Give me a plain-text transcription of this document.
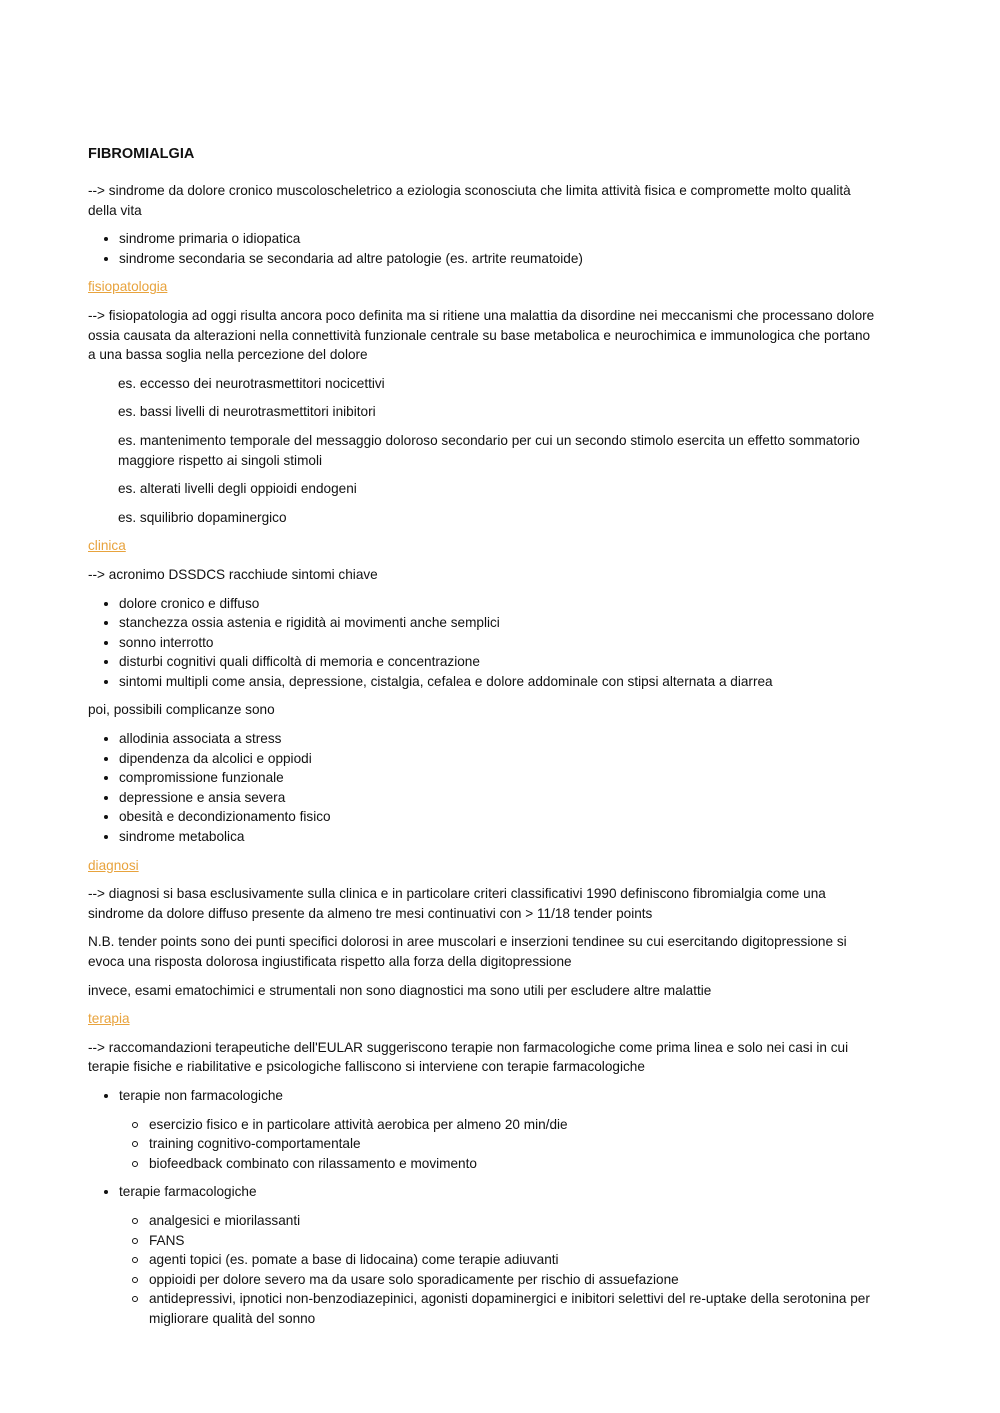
FIBROMIALGIA

--> sindrome da dolore cronico muscoloscheletrico a eziologia sconosciuta che limita attività fisica e compromette molto qualità della vita

sindrome primaria o idiopatica
sindrome secondaria se secondaria ad altre patologie (es. artrite reumatoide)
fisiopatologia

--> fisiopatologia ad oggi risulta ancora poco definita ma si ritiene una malattia da disordine nei meccanismi che processano dolore ossia causata da alterazioni nella connettività funzionale centrale su base metabolica e neurochimica e immunologica che portano a una bassa soglia nella percezione del dolore

es. eccesso dei neurotrasmettitori nocicettivi

es. bassi livelli di neurotrasmettitori inibitori

es. mantenimento temporale del messaggio doloroso secondario per cui un secondo stimolo esercita un effetto sommatorio maggiore rispetto ai singoli stimoli

es. alterati livelli degli oppioidi endogeni

es. squilibrio dopaminergico

clinica

--> acronimo DSSDCS racchiude sintomi chiave

dolore cronico e diffuso
stanchezza ossia astenia e rigidità ai movimenti anche semplici
sonno interrotto
disturbi cognitivi quali difficoltà di memoria e concentrazione
sintomi multipli come ansia, depressione, cistalgia, cefalea e dolore addominale con stipsi alternata a diarrea

poi, possibili complicanze sono

allodinia associata a stress
dipendenza da alcolici e oppiodi
compromissione funzionale
depressione e ansia severa
obesità e decondizionamento fisico
sindrome metabolica
diagnosi

--> diagnosi si basa esclusivamente sulla clinica e in particolare criteri classificativi 1990 definiscono fibromialgia come una sindrome da dolore diffuso presente da almeno tre mesi continuativi con > 11/18 tender points

N.B. tender points sono dei punti specifici dolorosi in aree muscolari e inserzioni tendinee su cui esercitando digitopressione si evoca una risposta dolorosa ingiustificata rispetto alla forza della digitopressione

invece, esami ematochimici e strumentali non sono diagnostici ma sono utili per escludere altre malattie

terapia

--> raccomandazioni terapeutiche dell'EULAR suggeriscono terapie non farmacologiche come prima linea e solo nei casi in cui terapie fisiche e riabilitative e psicologiche falliscono si interviene con terapie farmacologiche

terapie non farmacologiche
esercizio fisico e in particolare attività aerobica per almeno 20 min/die
training cognitivo-comportamentale
biofeedback combinato con rilassamento e movimento
terapie farmacologiche
analgesici e miorilassanti
FANS
agenti topici (es. pomate a base di lidocaina) come terapie adiuvanti
oppioidi per dolore severo ma da usare solo sporadicamente per rischio di assuefazione
antidepressivi, ipnotici non-benzodiazepinici, agonisti dopaminergici e inibitori selettivi del re-uptake della serotonina per migliorare qualità del sonno
